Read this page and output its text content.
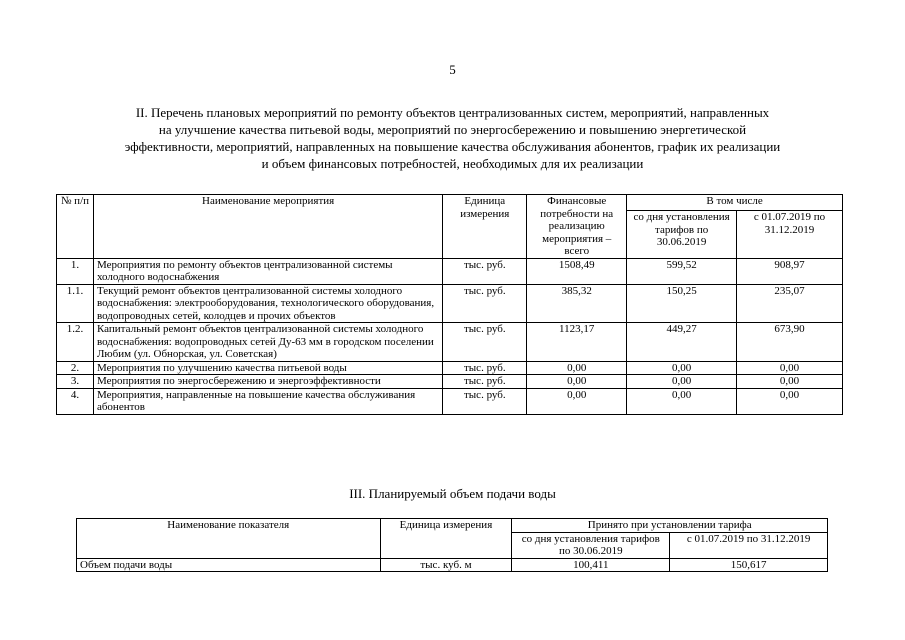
5
II. Перечень плановых мероприятий по ремонту объектов централизованных систем, мероприятий, направленных
на улучшение качества питьевой воды, мероприятий по энергосбережению и повышению энергетической
эффективности, мероприятий, направленных на повышение качества обслуживания абонентов, график их реализации
и объем финансовых потребностей, необходимых для их реализации
№ п/п	Наименование мероприятия	Единица измерения	Финансовые потребности на реализацию мероприятия – всего	В том числе	
				со дня установления тарифов по 30.06.2019	с 01.07.2019 по 31.12.2019
1.	Мероприятия по ремонту объектов централизованной системы холодного водоснабжения	тыс. руб.	1508,49	599,52	908,97
1.1.	Текущий ремонт объектов централизованной системы холодного водоснабжения: электрооборудования, технологического оборудования, водопроводных сетей, колодцев и прочих объектов	тыс. руб.	385,32	150,25	235,07
1.2.	Капитальный ремонт объектов централизованной системы холодного водоснабжения: водопроводных сетей Ду-63 мм в городском поселении Любим (ул. Обнорская, ул. Советская)	тыс. руб.	1123,17	449,27	673,90
2.	Мероприятия по улучшению качества питьевой воды	тыс. руб.	0,00	0,00	0,00
3.	Мероприятия по энергосбережению и энергоэффективности	тыс. руб.	0,00	0,00	0,00
4.	Мероприятия, направленные на повышение качества обслуживания абонентов	тыс. руб.	0,00	0,00	0,00
III. Планируемый объем подачи воды
Наименование показателя	Единица измерения	Принято при установлении тарифа	
		со дня установления тарифов по 30.06.2019	с 01.07.2019 по 31.12.2019
Объем подачи воды	тыс. куб. м	100,411	150,617
